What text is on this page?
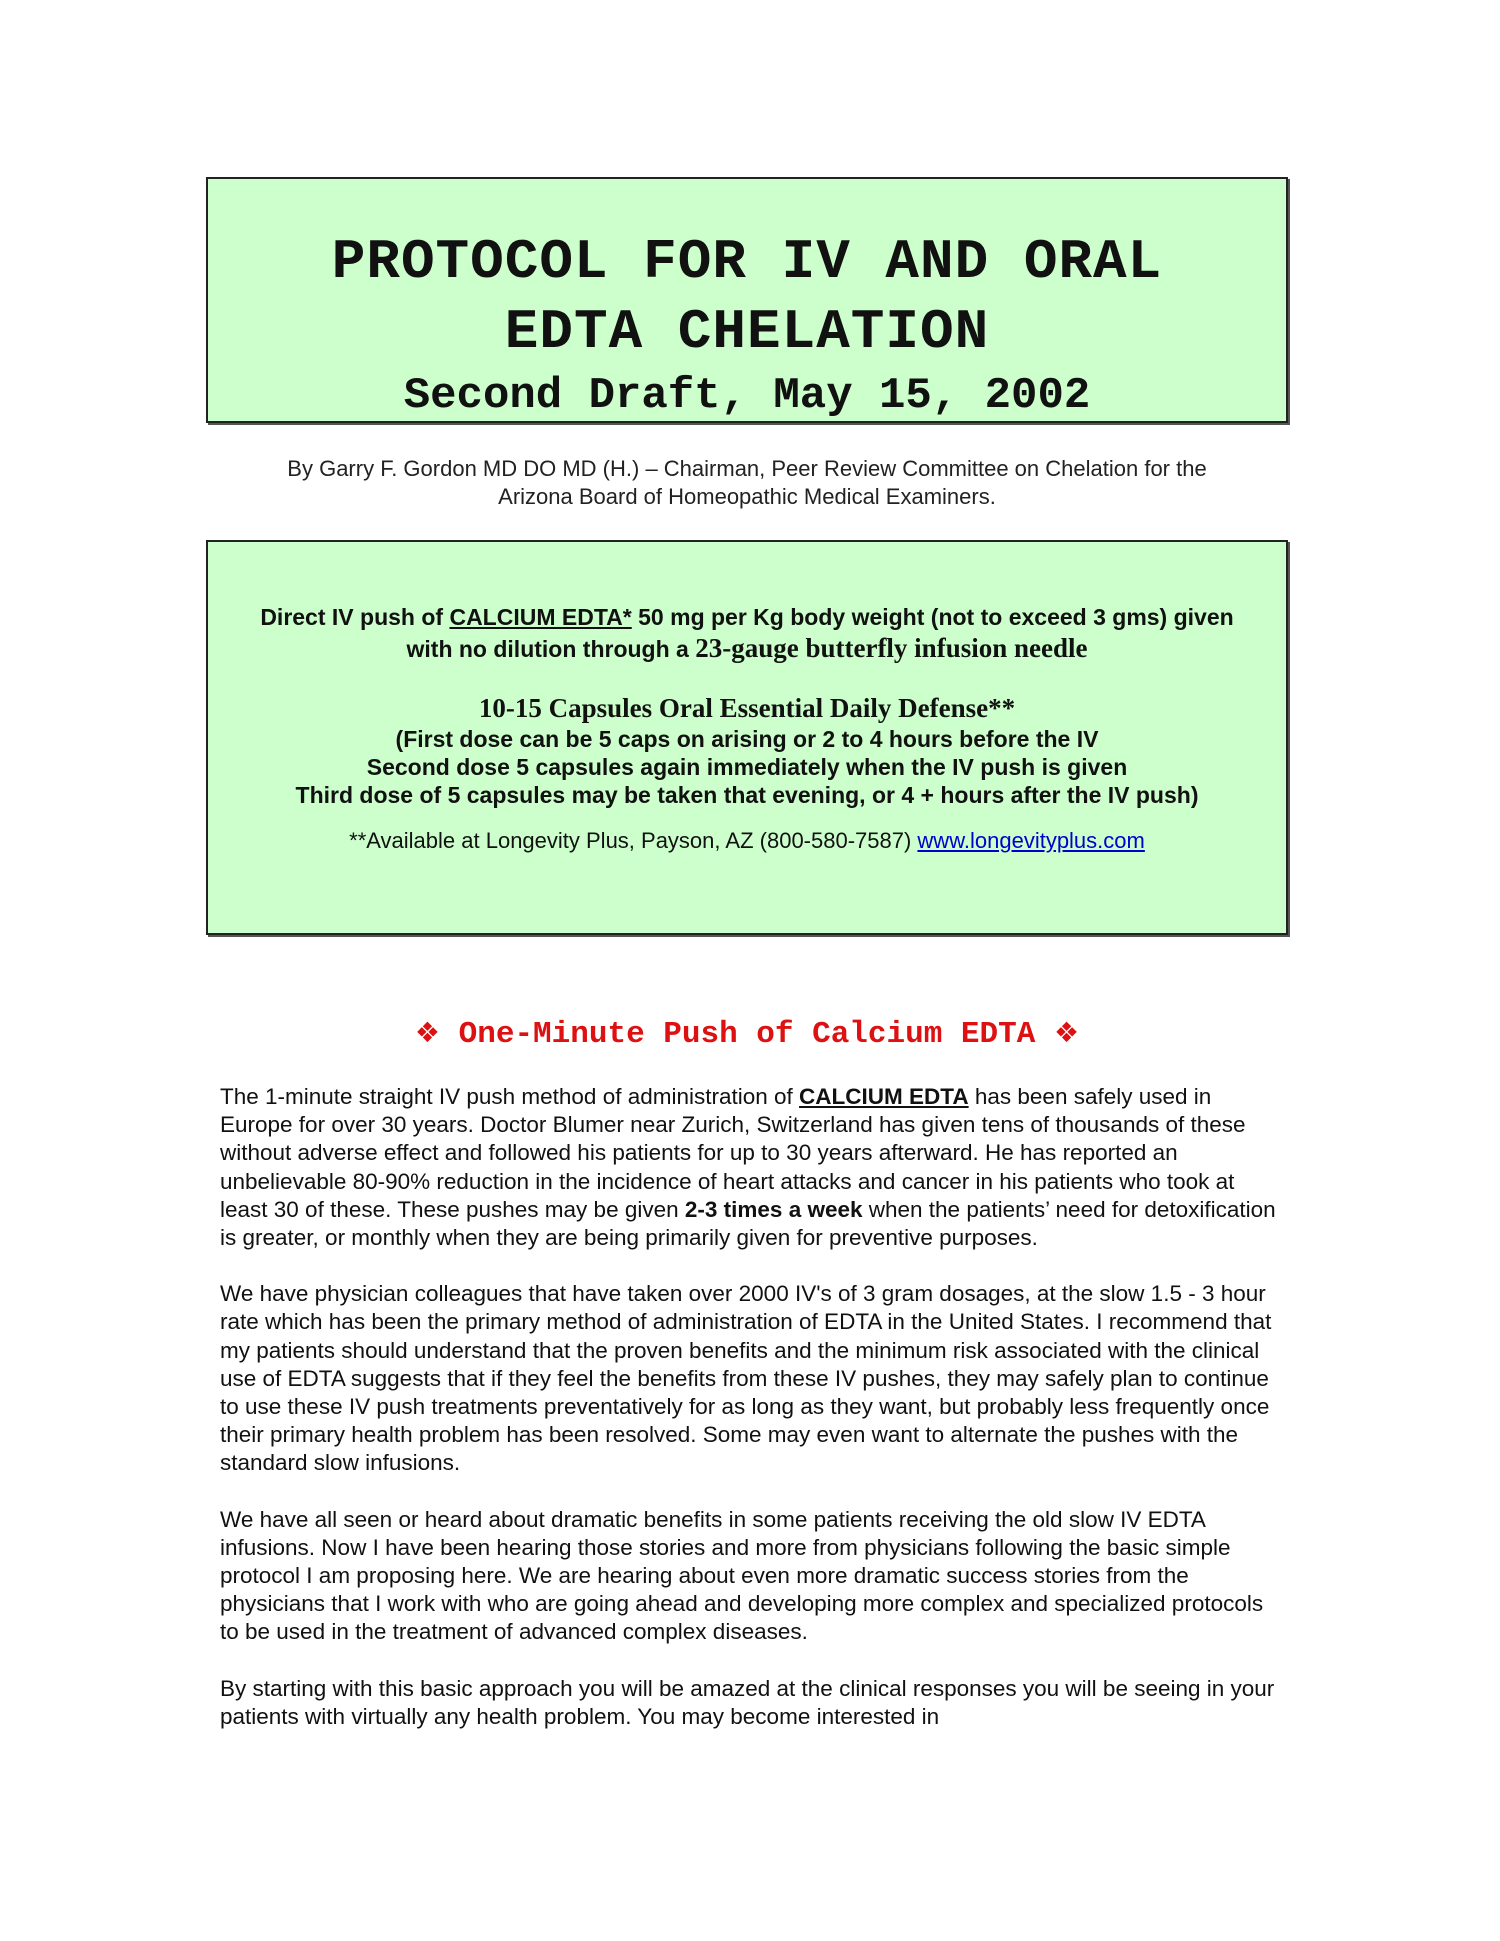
PROTOCOL FOR IV AND ORAL
EDTA CHELATION
Second Draft, May 15, 2002
By Garry F. Gordon MD DO MD (H.) – Chairman, Peer Review Committee on Chelation for the
Arizona Board of Homeopathic Medical Examiners.
Direct IV push of CALCIUM EDTA* 50 mg per Kg body weight (not to exceed 3 gms) given
with no dilution through a 23-gauge butterfly infusion needle
10-15 Capsules Oral Essential Daily Defense**
(First dose can be 5 caps on arising or 2 to 4 hours before the IV
Second dose 5 capsules again immediately when the IV push is given
Third dose of 5 capsules may be taken that evening, or 4 + hours after the IV push)
**Available at Longevity Plus, Payson, AZ (800-580-7587) www.longevityplus.com
❖ One-Minute Push of Calcium EDTA ❖

The 1-minute straight IV push method of administration of CALCIUM EDTA has been safely used in Europe for over 30 years. Doctor Blumer near Zurich, Switzerland has given tens of thousands of these without adverse effect and followed his patients for up to 30 years afterward. He has reported an unbelievable 80-90% reduction in the incidence of heart attacks and cancer in his patients who took at least 30 of these. These pushes may be given 2-3 times a week when the patients’ need for detoxification is greater, or monthly when they are being primarily given for preventive purposes.

We have physician colleagues that have taken over 2000 IV's of 3 gram dosages, at the slow 1.5 - 3 hour rate which has been the primary method of administration of EDTA in the United States. I recommend that my patients should understand that the proven benefits and the minimum risk associated with the clinical use of EDTA suggests that if they feel the benefits from these IV pushes, they may safely plan to continue to use these IV push treatments preventatively for as long as they want, but probably less frequently once their primary health problem has been resolved. Some may even want to alternate the pushes with the standard slow infusions.

We have all seen or heard about dramatic benefits in some patients receiving the old slow IV EDTA infusions. Now I have been hearing those stories and more from physicians following the basic simple protocol I am proposing here. We are hearing about even more dramatic success stories from the physicians that I work with who are going ahead and developing more complex and specialized protocols to be used in the treatment of advanced complex diseases.

By starting with this basic approach you will be amazed at the clinical responses you will be seeing in your patients with virtually any health problem. You may become interested in
